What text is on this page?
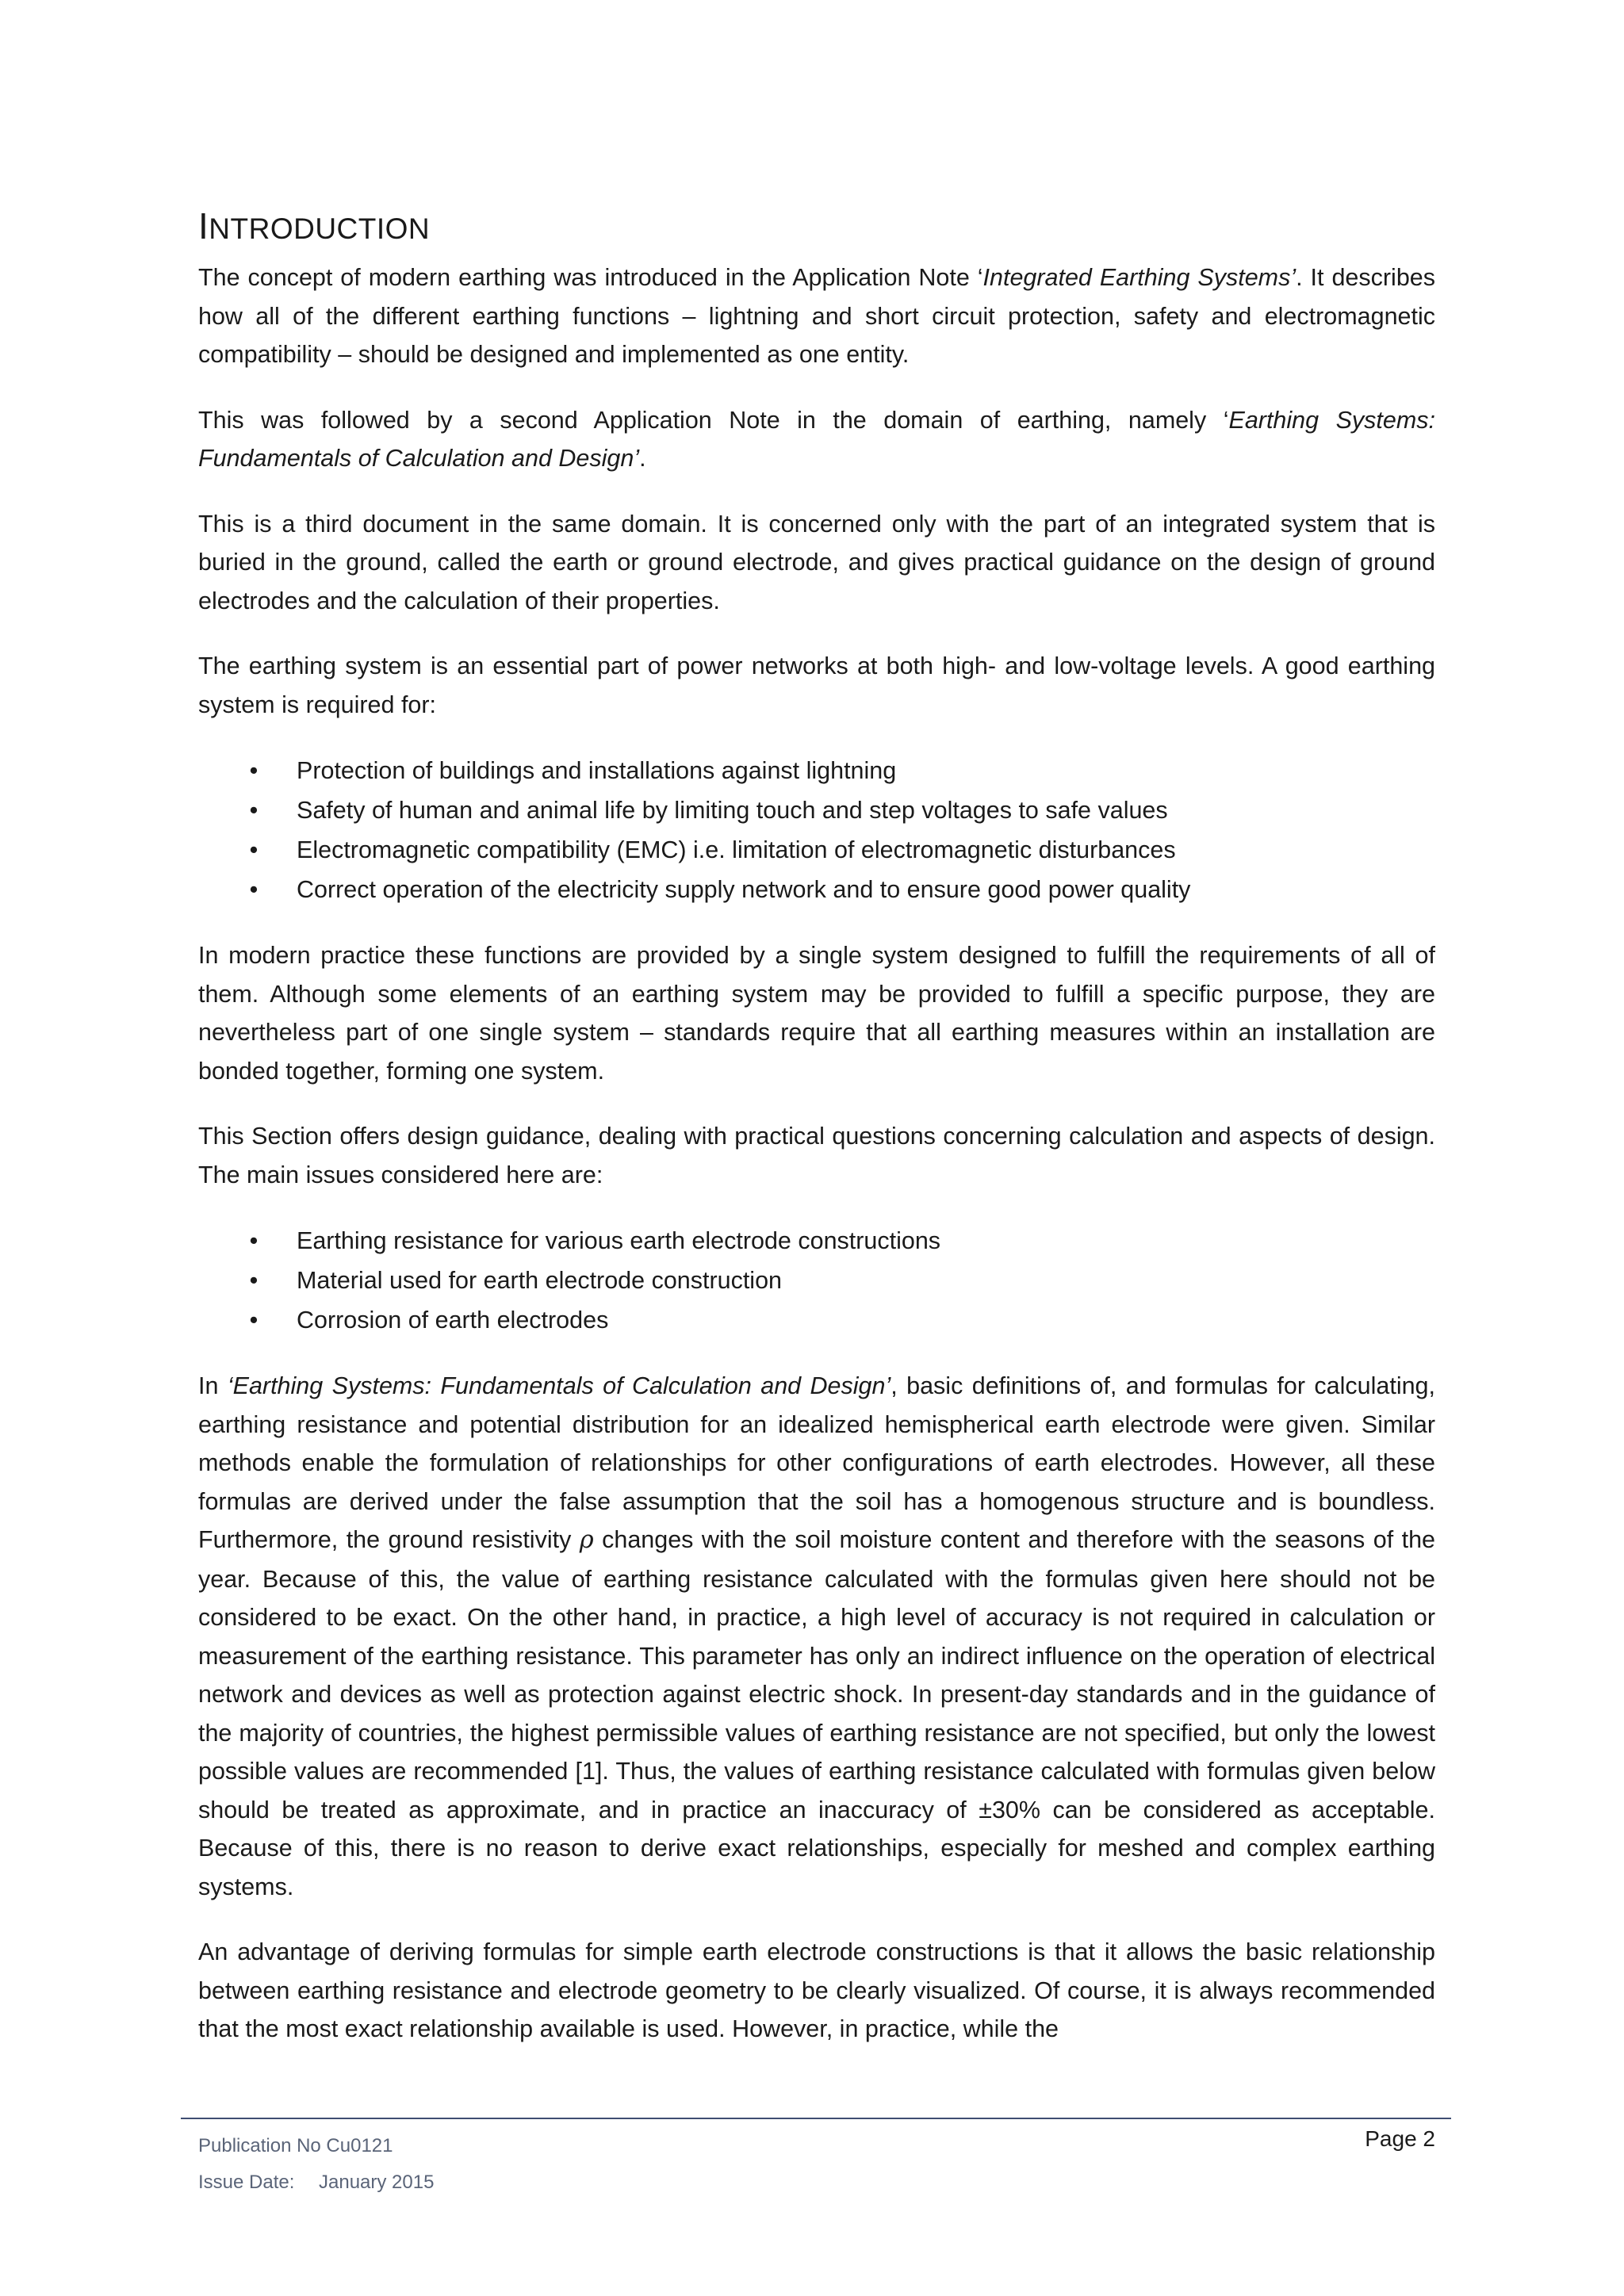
INTRODUCTION

The concept of modern earthing was introduced in the Application Note ‘Integrated Earthing Systems’. It describes how all of the different earthing functions – lightning and short circuit protection, safety and electromagnetic compatibility – should be designed and implemented as one entity.

This was followed by a second Application Note in the domain of earthing, namely ‘Earthing Systems: Fundamentals of Calculation and Design’.

This is a third document in the same domain. It is concerned only with the part of an integrated system that is buried in the ground, called the earth or ground electrode, and gives practical guidance on the design of ground electrodes and the calculation of their properties.

The earthing system is an essential part of power networks at both high- and low-voltage levels. A good earthing system is required for:

• Protection of buildings and installations against lightning
• Safety of human and animal life by limiting touch and step voltages to safe values
• Electromagnetic compatibility (EMC) i.e. limitation of electromagnetic disturbances
• Correct operation of the electricity supply network and to ensure good power quality

In modern practice these functions are provided by a single system designed to fulfill the requirements of all of them. Although some elements of an earthing system may be provided to fulfill a specific purpose, they are nevertheless part of one single system – standards require that all earthing measures within an installation are bonded together, forming one system.

This Section offers design guidance, dealing with practical questions concerning calculation and aspects of design. The main issues considered here are:

• Earthing resistance for various earth electrode constructions
• Material used for earth electrode construction
• Corrosion of earth electrodes

In ‘Earthing Systems: Fundamentals of Calculation and Design’, basic definitions of, and formulas for calculating, earthing resistance and potential distribution for an idealized hemispherical earth electrode were given. Similar methods enable the formulation of relationships for other configurations of earth electrodes. However, all these formulas are derived under the false assumption that the soil has a homogenous structure and is boundless. Furthermore, the ground resistivity ρ changes with the soil moisture content and therefore with the seasons of the year. Because of this, the value of earthing resistance calculated with the formulas given here should not be considered to be exact. On the other hand, in practice, a high level of accuracy is not required in calculation or measurement of the earthing resistance. This parameter has only an indirect influence on the operation of electrical network and devices as well as protection against electric shock. In present-day standards and in the guidance of the majority of countries, the highest permissible values of earthing resistance are not specified, but only the lowest possible values are recommended [1]. Thus, the values of earthing resistance calculated with formulas given below should be treated as approximate, and in practice an inaccuracy of ±30% can be considered as acceptable. Because of this, there is no reason to derive exact relationships, especially for meshed and complex earthing systems.

An advantage of deriving formulas for simple earth electrode constructions is that it allows the basic relationship between earthing resistance and electrode geometry to be clearly visualized. Of course, it is always recommended that the most exact relationship available is used. However, in practice, while the

Publication No Cu0121
Issue Date: January 2015
Page 2
